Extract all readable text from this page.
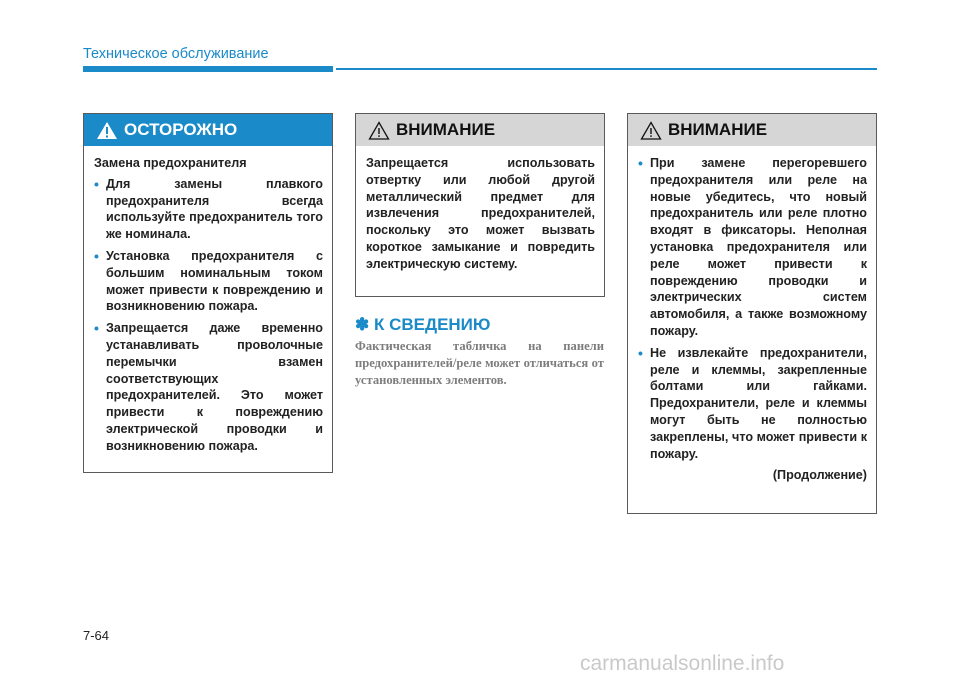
Техническое обслуживание
ОСТОРОЖНО

Замена предохранителя

• Для замены плавкого предохранителя всегда используйте предохранитель того же номинала.
• Установка предохранителя с большим номинальным током может привести к повреждению и возникновению пожара.
• Запрещается даже временно устанавливать проволочные перемычки взамен соответствующих предохранителей. Это может привести к повреждению электрической проводки и возникновению пожара.
ВНИМАНИЕ

Запрещается использовать отвертку или любой другой металлический предмет для извлечения предохранителей, поскольку это может вызвать короткое замыкание и повредить электрическую систему.

✽ К СВЕДЕНИЮ
Фактическая табличка на панели предохранителей/реле может отличаться от установленных элементов.
ВНИМАНИЕ
• При замене перегоревшего предохранителя или реле на новые убедитесь, что новый предохранитель или реле плотно входят в фиксаторы. Неполная установка предохранителя или реле может привести к повреждению проводки и электрических систем автомобиля, а также возможному пожару.
• Не извлекайте предохранители, реле и клеммы, закрепленные болтами или гайками. Предохранители, реле и клеммы могут быть не полностью закреплены, что может привести к пожару.
(Продолжение)
7-64
carmanualsonline.info
